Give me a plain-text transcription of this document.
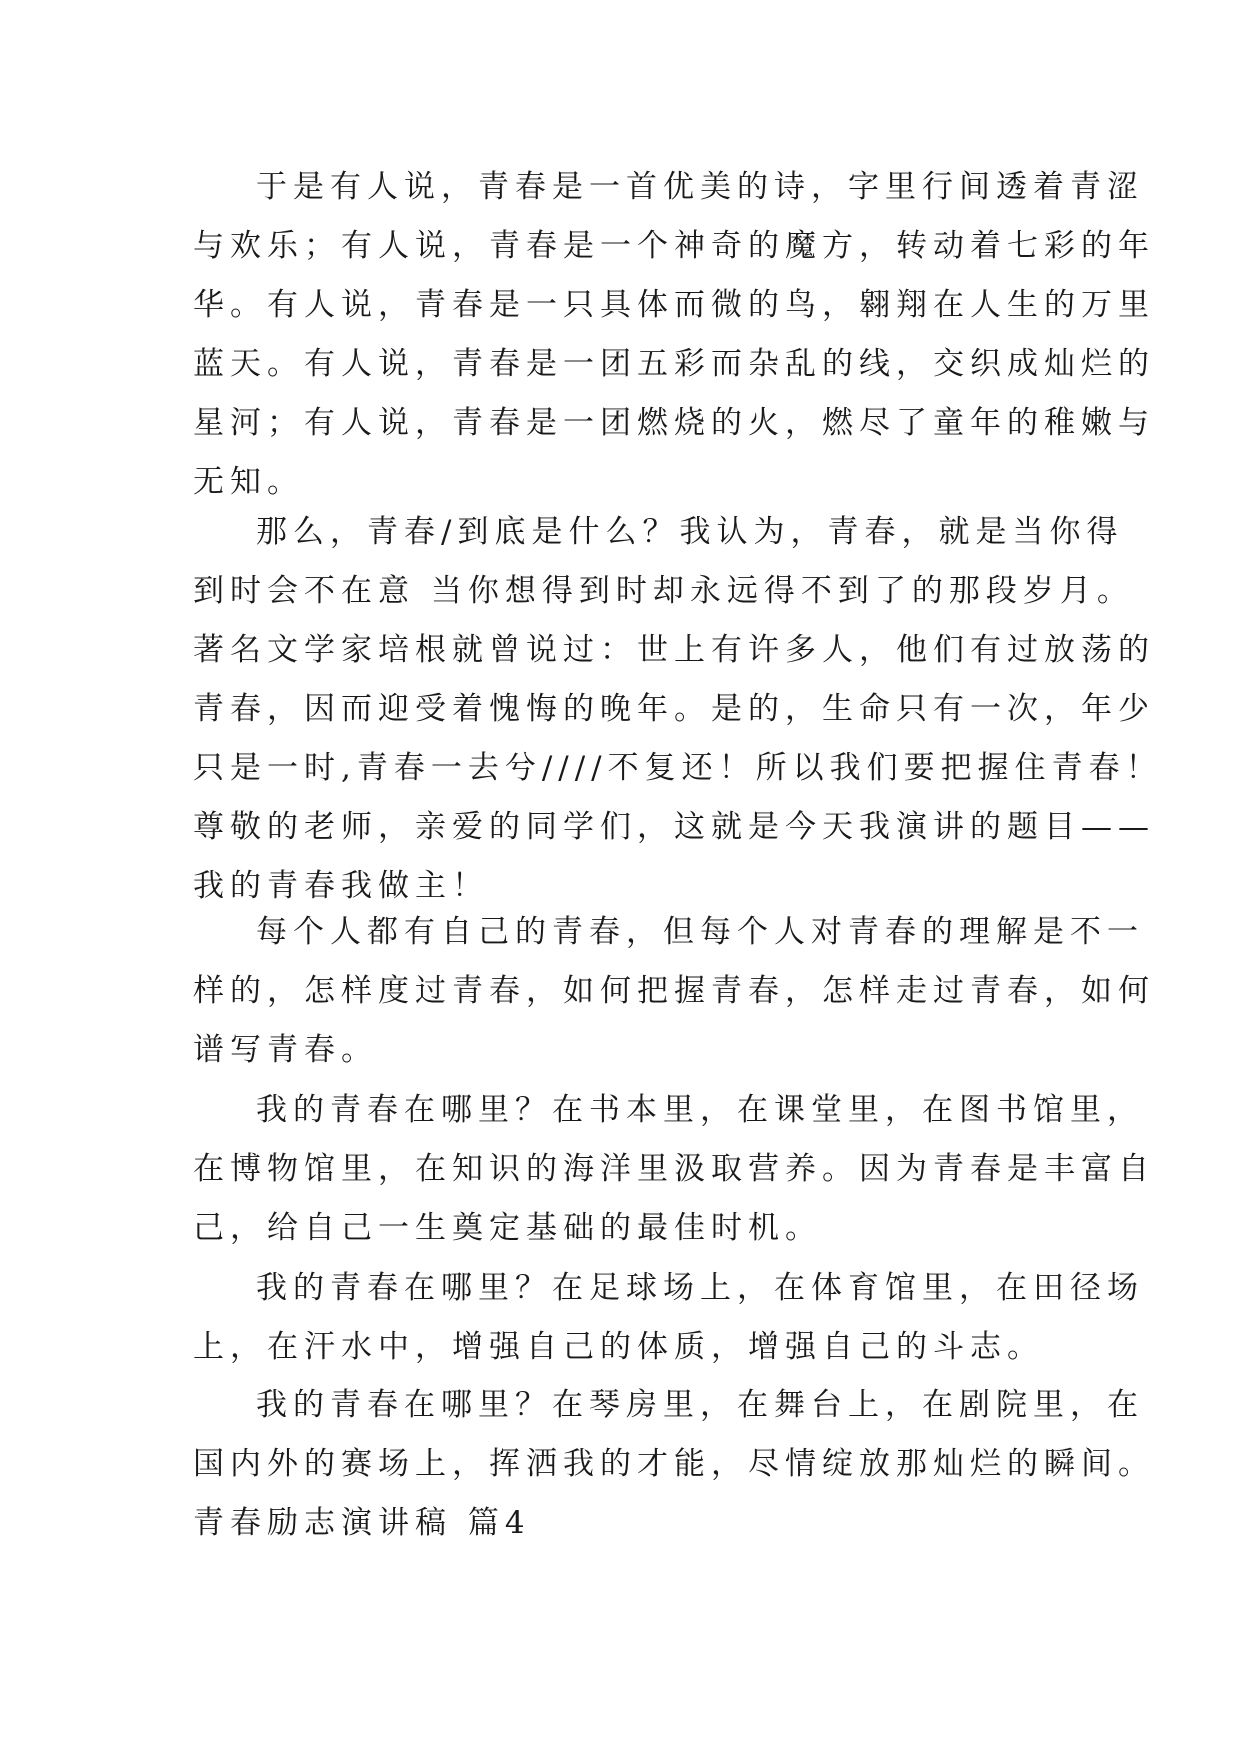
于是有人说，青春是一首优美的诗，字里行间透着青涩
与欢乐；有人说，青春是一个神奇的魔方，转动着七彩的年
华。有人说，青春是一只具体而微的鸟，翱翔在人生的万里
蓝天。有人说，青春是一团五彩而杂乱的线，交织成灿烂的
星河；有人说，青春是一团燃烧的火，燃尽了童年的稚嫩与
无知。
那么，青春/到底是什么？我认为，青春，就是当你得
到时会不在意 当你想得到时却永远得不到了的那段岁月。
著名文学家培根就曾说过：世上有许多人，他们有过放荡的
青春，因而迎受着愧悔的晚年。是的，生命只有一次，年少
只是一时,青春一去兮////不复还！所以我们要把握住青春！
尊敬的老师，亲爱的同学们，这就是今天我演讲的题目——
我的青春我做主！
每个人都有自己的青春，但每个人对青春的理解是不一
样的，怎样度过青春，如何把握青春，怎样走过青春，如何
谱写青春。
我的青春在哪里？在书本里，在课堂里，在图书馆里，
在博物馆里，在知识的海洋里汲取营养。因为青春是丰富自
己，给自己一生奠定基础的最佳时机。
我的青春在哪里？在足球场上，在体育馆里，在田径场
上，在汗水中，增强自己的体质，增强自己的斗志。
我的青春在哪里？在琴房里，在舞台上，在剧院里，在
国内外的赛场上，挥洒我的才能，尽情绽放那灿烂的瞬间。
青春励志演讲稿 篇4
